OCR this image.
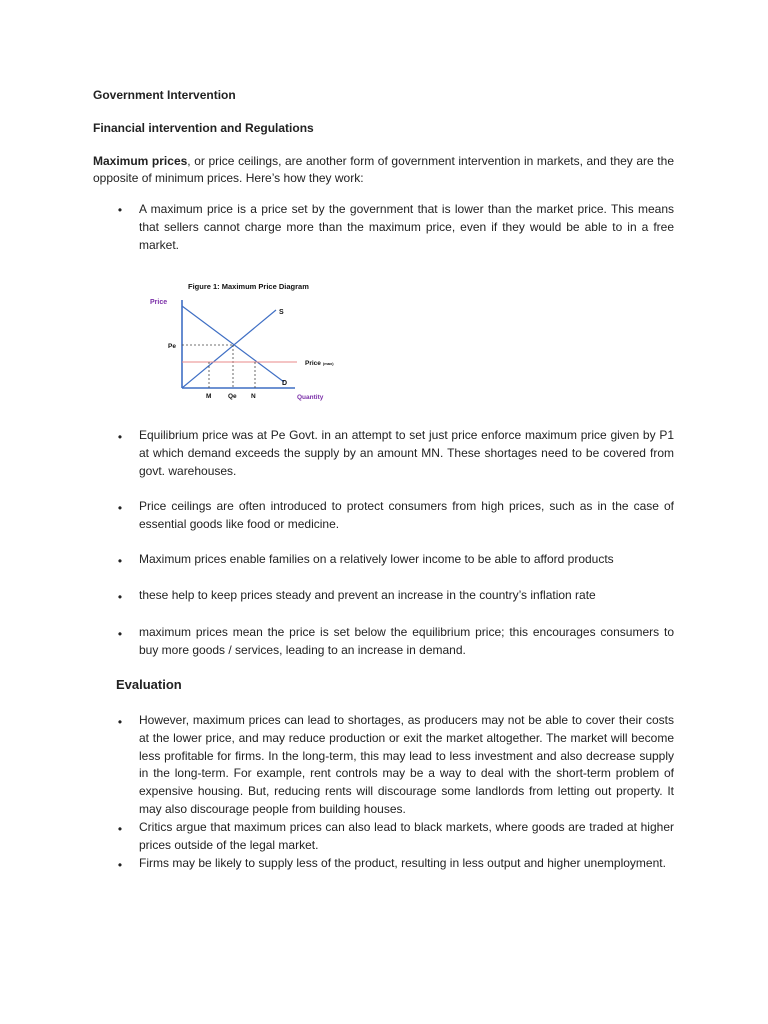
Government Intervention
Financial intervention and Regulations
Maximum prices, or price ceilings, are another form of government intervention in markets, and they are the opposite of minimum prices. Here’s how they work:
• A maximum price is a price set by the government that is lower than the market price. This means that sellers cannot charge more than the maximum price, even if they would be able to in a free market.
Figure 1: Maximum Price Diagram
Price
S
D
Pe
Price (max)
M	Qe N	Quantity
• Equilibrium price was at Pe Govt. in an attempt to set just price enforce maximum price given by P1 at which demand exceeds the supply by an amount MN. These shortages need to be covered from govt. warehouses.
• Price ceilings are often introduced to protect consumers from high prices, such as in the case of essential goods like food or medicine.
• Maximum prices enable families on a relatively lower income to be able to afford products
• these help to keep prices steady and prevent an increase in the country’s inflation rate
• maximum prices mean the price is set below the equilibrium price; this encourages consumers to buy more goods / services, leading to an increase in demand.
Evaluation
• However, maximum prices can lead to shortages, as producers may not be able to cover their costs at the lower price, and may reduce production or exit the market altogether. The market will become less profitable for firms. In the long-term, this may lead to less investment and also decrease supply in the long-term. For example, rent controls may be a way to deal with the short-term problem of expensive housing. But, reducing rents will discourage some landlords from letting out property. It may also discourage people from building houses.
• Critics argue that maximum prices can also lead to black markets, where goods are traded at higher prices outside of the legal market.
• Firms may be likely to supply less of the product, resulting in less output and higher unemployment.
